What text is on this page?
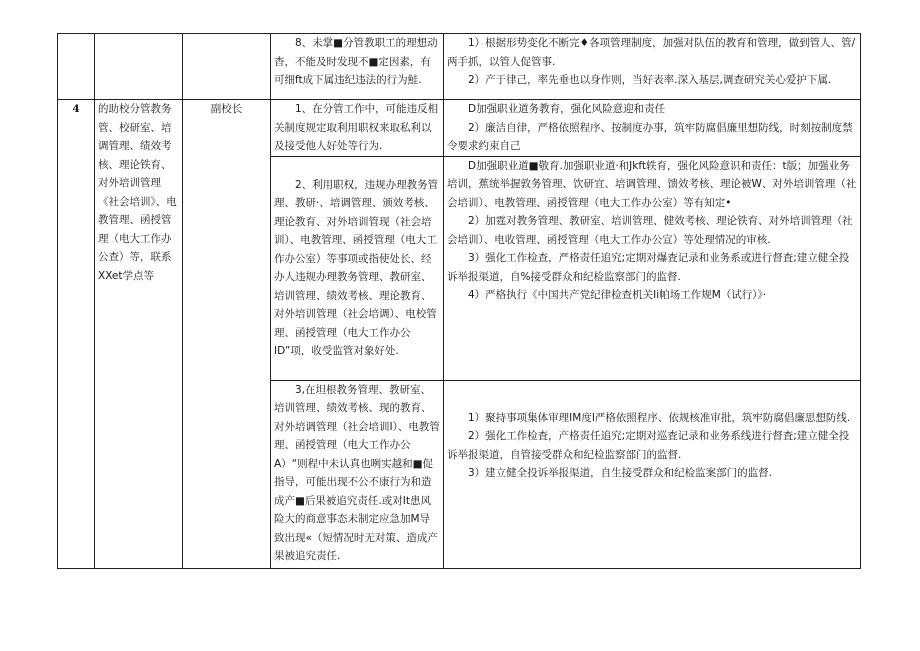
			8、未掌■分管教职工的理想动杳，不能及时发现不■定因素，有可细ft成下属违纪违法的行为鮭.	1）根据形势变化不断完♦各项管理制度，加强对队伍的教育和管理，做到管人、管/两手抓，以管人促管事.

2）产于律己，率先垂也以身作则，当好表率.深入基层,调查研究关心爱护下属.

4	的助校分管教务管、校研室、培调管理、绩效考核、理论铁育、对外培训管理《社会培训》、电教管理、函授管理（电大工作办公查）等，联系XXet学点等	副校长	1、在分管工作中，可能违反相关制度规定取利用职权来取私利以及接受他人好处等行为.	D加强职业道务教育，强化风险意迎和责任

2）廉洁自律，严格依照程序、按制度办事，筑牢防腐倡廉里想防线，时刻按制度禁令要求约束自己

			2、利用职权，违规办理教务管理、教研·、培调管理、颁效考核、理论教育、对外培训管现（社会培训）、电教管理、函授管理（电大工作办公室）等事项或指使处长、经办人违规办理教务管理、教研室、培训管理、绩效考核、理论教育、对外培训管理（社会培调）、电校管理、函授管理（电大工作办公ID”项，收受监管对象好处.	D加强职业道■敬育.加强职业道·和Jkft轶育，强化风险意识和责任：t版；加强业务培训，蕉统举握敦务管理、饮研宜、培调管理、馈效考核、理论被W、对外培训管理（社会培训）、电教管理、函授管理（电大工作办公室）等有知定•

2）加霆对教务管理、教研室、培训管理、健效考核、理论铁育、对外培训管理（社会培训）、电收管理、函授管理（电大工作办公宣）等处理情况的审核.

3）强化工作检查，严格责任追究;定期对爆査记录和业务系或进行督査;建立健全投诉举报渠道，自%接受群众和纪检监察部门的监督.

4）严格执行《中国共产党纪律检查机关Ii帕场工作规M（试行）》·

			3,在坦根教务管理、教研室、培训管理、绩效考核、现的教育、对外培调管理（社会培训I）、电教管理、函授管理（电大工作办公A）“则程中未认真也咧实越和■促指导，可能出现不公不康行为和造成产■后果被追究责任.或对It患风险大的商意事态未制定应急加M导致出现«（短情况时无对策、造成产果被追究责任.	1）聚持事项集体审理IM度I严格依照程序、依规核准审批，筑牢防腐倡廉思想防线.

2）强化工作检査，产格责任追究;定期对巡査记录和业务系线进行督査;建立健全投诉举报渠道，自管接受群众和纪检监察部门的监督.

3）建立健全投诉举报渠道，自生接受群众和纪检监案部门的监督.
